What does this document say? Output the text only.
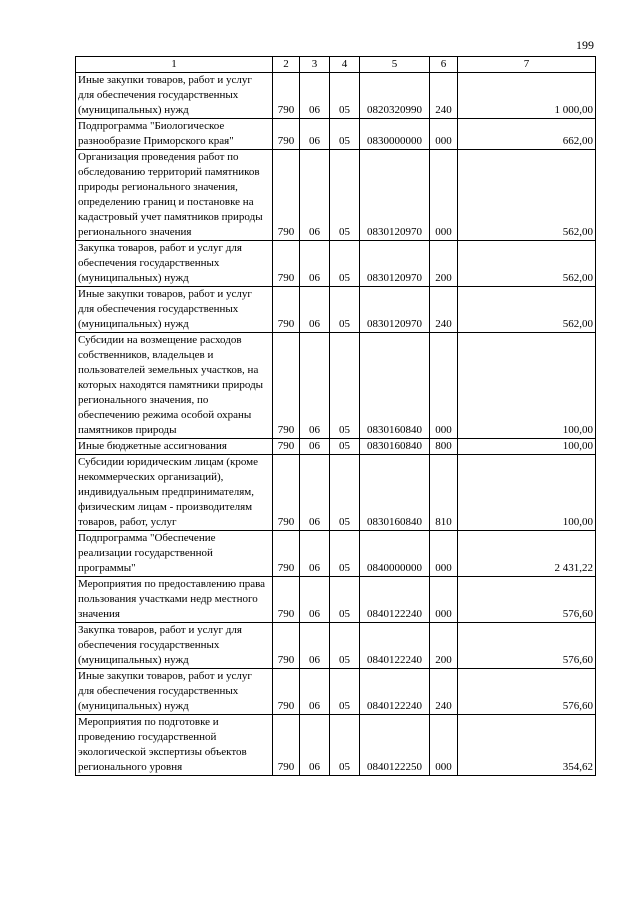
199
1	2	3	4	5	6	7
Иные закупки товаров, работ и услуг для обеспечения государственных (муниципальных) нужд	790	06	05	0820320990	240	1 000,00
Подпрограмма "Биологическое разнообразие Приморского края"	790	06	05	0830000000	000	662,00
Организация проведения работ по обследованию территорий памятников природы регионального значения, определению границ и постановке на кадастровый учет памятников природы регионального значения	790	06	05	0830120970	000	562,00
Закупка товаров, работ и услуг для обеспечения государственных (муниципальных) нужд	790	06	05	0830120970	200	562,00
Иные закупки товаров, работ и услуг для обеспечения государственных (муниципальных) нужд	790	06	05	0830120970	240	562,00
Субсидии на возмещение расходов собственников, владельцев и пользователей земельных участков, на которых находятся памятники природы регионального значения, по обеспечению режима особой охраны памятников природы	790	06	05	0830160840	000	100,00
Иные бюджетные ассигнования	790	06	05	0830160840	800	100,00
Субсидии юридическим лицам (кроме некоммерческих организаций), индивидуальным предпринимателям, физическим лицам - производителям товаров, работ, услуг	790	06	05	0830160840	810	100,00
Подпрограмма "Обеспечение реализации государственной программы"	790	06	05	0840000000	000	2 431,22
Мероприятия по предоставлению права пользования участками недр местного значения	790	06	05	0840122240	000	576,60
Закупка товаров, работ и услуг для обеспечения государственных (муниципальных) нужд	790	06	05	0840122240	200	576,60
Иные закупки товаров, работ и услуг для обеспечения государственных (муниципальных) нужд	790	06	05	0840122240	240	576,60
Мероприятия по подготовке и проведению государственной экологической экспертизы объектов регионального уровня	790	06	05	0840122250	000	354,62
